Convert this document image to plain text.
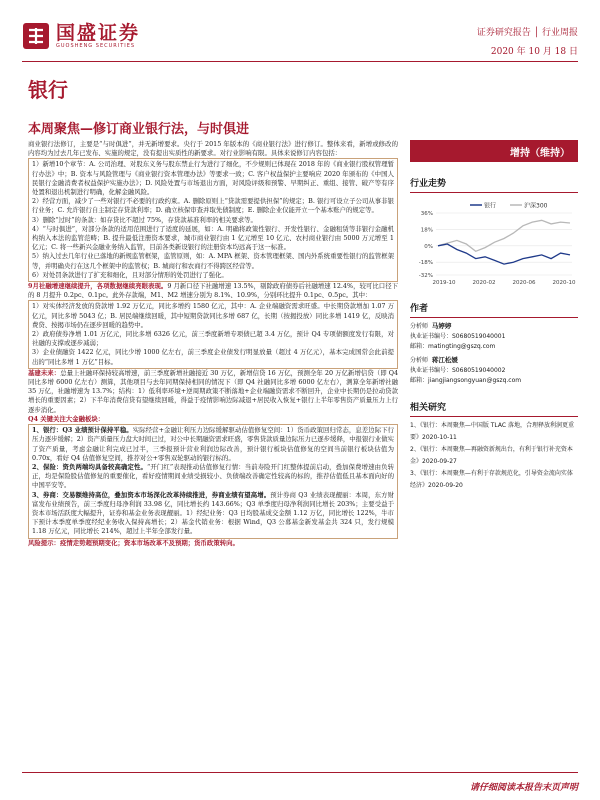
国盛证券
GUOSHENG SECURITIES
证券研究报告 │ 行业周报
2020 年 10 月 18 日
银行
本周聚焦—修订商业银行法，与时俱进

商业银行法修订，主要是“与时俱进”，并无新增要求。央行于 2015 年版本的《商业银行法》进行修订。整体来看，新增或修改的内容均为过去几年已发布、实施的规定，没有提出实质性的新要求。对行业影响有限。具体来说修订内容包括：

1）新增10个章节：A. 公司治理、对股东义务与股东禁止行为进行了细化，不少规则已体现在 2018 年的《商业银行股权管理暂行办法》中；B. 资本与风险管理与《商业银行资本管理办法》等要求一致；C. 客户权益保护主要响应 2020 年颁布的《中国人民银行金融消费者权益保护实施办法》；D. 风险处置与市场退出方面，对风险评级和预警、早期纠正、重组、接管、破产等有序处置和退出机制进行明确，化解金融风险。

2）经营方面，减少了一些对银行不必要的行政约束。A. 删除原则上“贷款需要提供担保”的规定；B. 银行可设立子公司从事非银行业务；C. 允许银行自主制定存贷款利率；D. 确立核保审查并取先债制度；E. 删除企业仅能开立一个基本账户的规定等。

3）删除“过时”的条款：如存贷比不超过 75%，存贷款基准利率的相关要求等。

4）“与时俱进”，对部分条款的适用范围进行了适度的延展，如：A. 明确将政策性银行、开发性银行、金融租赁等非银行金融机构纳入本法的监管范畴；B. 提升最低注册资本要求，城市商业银行由 1 亿元增至 10 亿元、农村商业银行由 5000 万元增至 1 亿元；C. 将一些新兴金融业务纳入监管，目前各类新设银行的注册资本均远高于这一标准。

5）纳入过去几年行业已落地的新规监管框架，监管原则，如：A. MPA 框架、资本管理框架、国内外系统重要性银行的监管框架等，并明确央行在这几个框架中的监管权；B. 城商行和农商行不得跨区经营等。

6）对处罚条款进行了扩充和细化，且对部分情形的处罚进行了强化。

9月社融增速继续提升，各项数据继续亮眼表现。9 月新口径下社融增速 13.5%，剔除政府债券后社融增速 12.4%，较可比口径下的 8 月提升 0.2pc、0.1pc。此外存款端，M1、M2 增速分别为 8.1%、10.9%，分别环比提升 0.1pc、0.5pc。其中：

1）对实体经济发放的贷款增 1.92 万亿元，同比多增约 1580 亿元，其中：A. 企业端融资需求旺盛。中长期贷款增加 1.07 万亿元，同比多增 5043 亿；B. 居民端继续回暖，其中短期贷款同比多增 687 亿，长期（按揭投放）同比多增 1419 亿，反映消费贷、按揭市场仍在逐步回暖的趋势中。

2）政府债券净增 1.01 万亿元，同比多增 6326 亿元，前三季度新增专项债已超 3.4 万亿，预计 Q4 专项债额度发行有限，对社融的支撑或逐步减弱；

3）企业债融资 1422 亿元，同比少增 1000 亿左右，前三季度企业债发行明显放量（超过 4 万亿元），基本完成国常会此前提出的“同比多增 1 万亿”目标。

基建未来：总量上社融环保持较高增速，前三季度新增社融接近 30 万亿，新增信贷 16 万亿，预测全年 20 万亿新增信贷（即 Q4 同比多增 6000 亿左右）测算，其他项目与去年同期保持相同的情况下（即 Q4 社融同比多增 6000 亿左右），测算全年新增社融 35 万亿，社融增速为 13.7%；结构：1）低利率环境+逆周期政策不断落地+企业端融资需求不断回升，企业中长期仍是拉动贷款增长的重要因素；2）下半年消费信贷有望继续回暖，得益于疫情影响边际减退+居民收入恢复+银行上半年零售资产质量压力上行逐步消化。

Q4 关键关注大金融板块：

1、银行：Q3 业绩预计保持平稳。实际经营+金融让利压力边际缓解驱动估值修复空间：1）货币政策回归常态，息差边际下行压力逐步缓解；2）资产质量压力盘大时间已过，对公中长期融资需求旺盛，零售贷款质量边际压力已逐步缓释，中报银行业做实了资产质量，考虑金融让利完成已过半，三季报预计营业利润边际改善，预计银行板块估值修复的空间当前银行板块估值为 0.70x，看好 Q4 估值修复空间，推荐对公+零售双轮驱动的银行标的。

2、保险：资负两端均具备较高确定性。“开门红”表现推动估值修复行情：当前寿险开门红整体提前启动，叠加保费增速由负转正，均是保险股估值修复的重要催化，看好疫情期间业绩受损较小、负债端改善确定性较高的标的，推荐估值低且基本面向好的中国平安等。

3、券商：交易额维持高位，叠加资本市场深化改革持续推进，券商业绩有望高增。预计券商 Q3 业绩表现靓丽：本周，东方财富发布业绩预告，前三季度归母净利润 33.98 亿，同比增长约 143.66%；Q3 单季度归母净利润同比增长 203%；主要受益于资本市场活跃度大幅提升，证券和基金业务表现靓丽。1）经纪业务：Q3 日均股基成交金额 1.12 万亿，同比增长 122%，牛市下预计本季度单季度经纪业务收入保持高增长；2）基金代销业务：根据 Wind，Q3 公募基金新发基金共 324 只，发行规模 1.18 万亿元，同比增长 214%，超过上半年全部发行量。

风险提示：疫情走势超预期变化；资本市场改革不及预期；货币政策转向。

增持（维持）
行业走势
银行	沪深300
36%
18%
0%
-18%
-32%
2019-10	2020-02	2020-06	2020-10
作者
分析师 马婷婷
执业证书编号：S0680519040001
邮箱：matingting@gszq.com
分析师 蒋江松媛
执业证书编号：S0680519040002
邮箱：jiangjiangsongyuan@gszq.com
相关研究
1、《银行：本周聚焦—中国版 TLAC 落地，合理释放利润更重要》2020-10-11
2、《银行：本周聚焦—再融资新规出台，有利于银行补充资本金》2020-09-27
3、《银行：本周聚焦—有利于存款规范化，引导资金流向实体经济》2020-09-20
请仔细阅读本报告末页声明
